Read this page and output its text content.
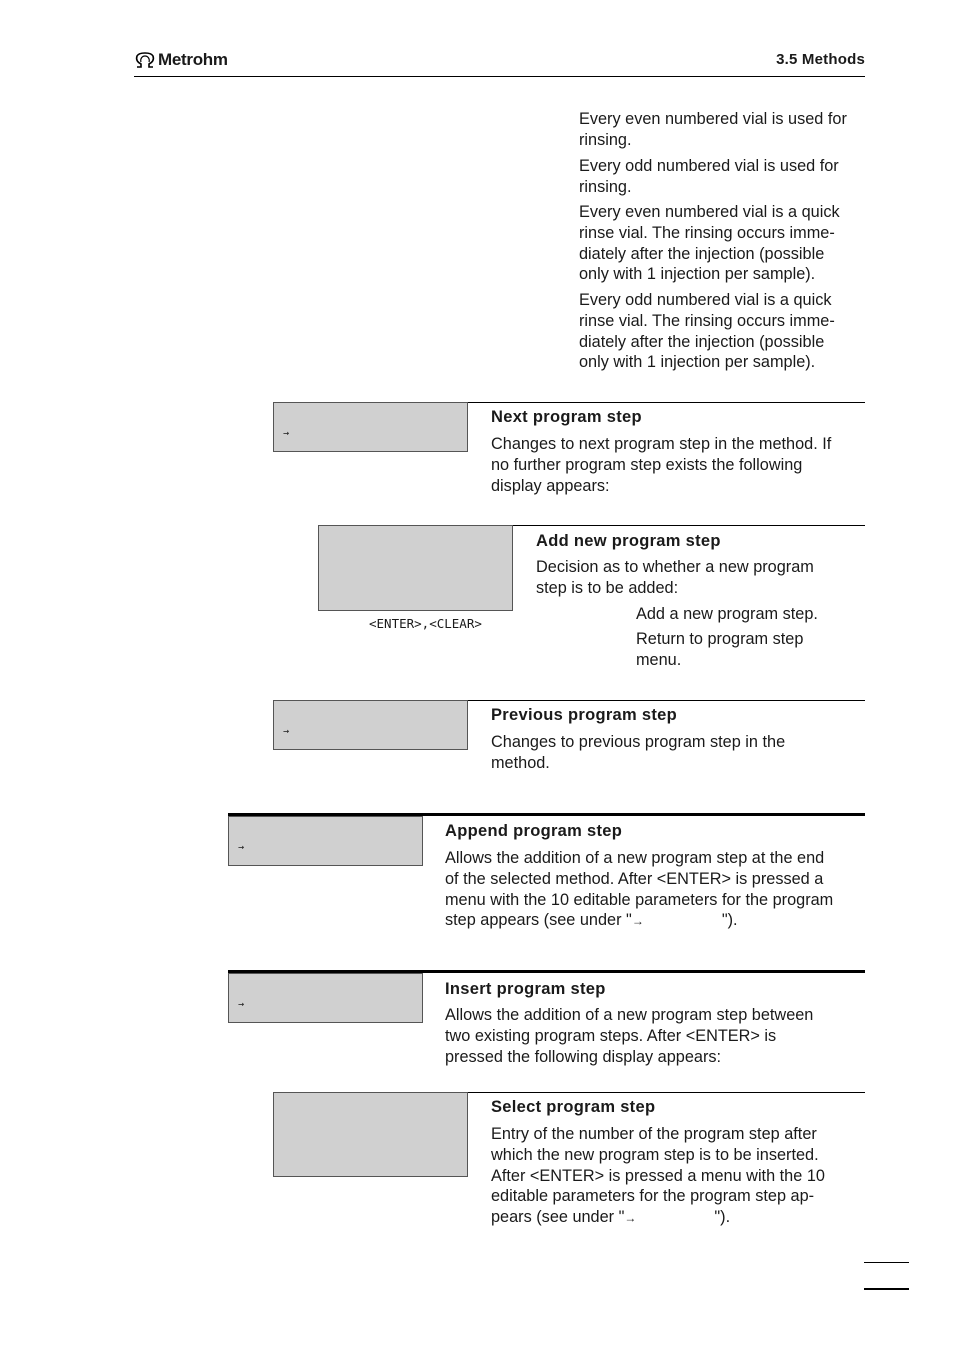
Metrohm	3.5 Methods
Every even numbered vial is used for
rinsing.
Every odd numbered vial is used for
rinsing.
Every even numbered vial is a quick
rinse vial. The rinsing occurs imme-
diately after the injection (possible
only with 1 injection per sample).
Every odd numbered vial is a quick
rinse vial. The rinsing occurs imme-
diately after the injection (possible
only with 1 injection per sample).
→
Next program step
Changes to next program step in the method. If
no further program step exists the following
display appears:
<ENTER>,<CLEAR>
Add new program step
Decision as to whether a new program
step is to be added:
Add a new program step.
Return to program step
menu.
→
Previous program step
Changes to previous program step in the
method.
→
Append program step
Allows the addition of a new program step at the end
of the selected method. After <ENTER> is pressed a
menu with the 10 editable parameters for the program
step appears (see under "→	").
→
Insert program step
Allows the addition of a new program step between
two existing program steps. After <ENTER> is
pressed the following display appears:
Select program step
Entry of the number of the program step after
which the new program step is to be inserted.
After <ENTER> is pressed a menu with the 10
editable parameters for the program step ap-
pears (see under "→	").
